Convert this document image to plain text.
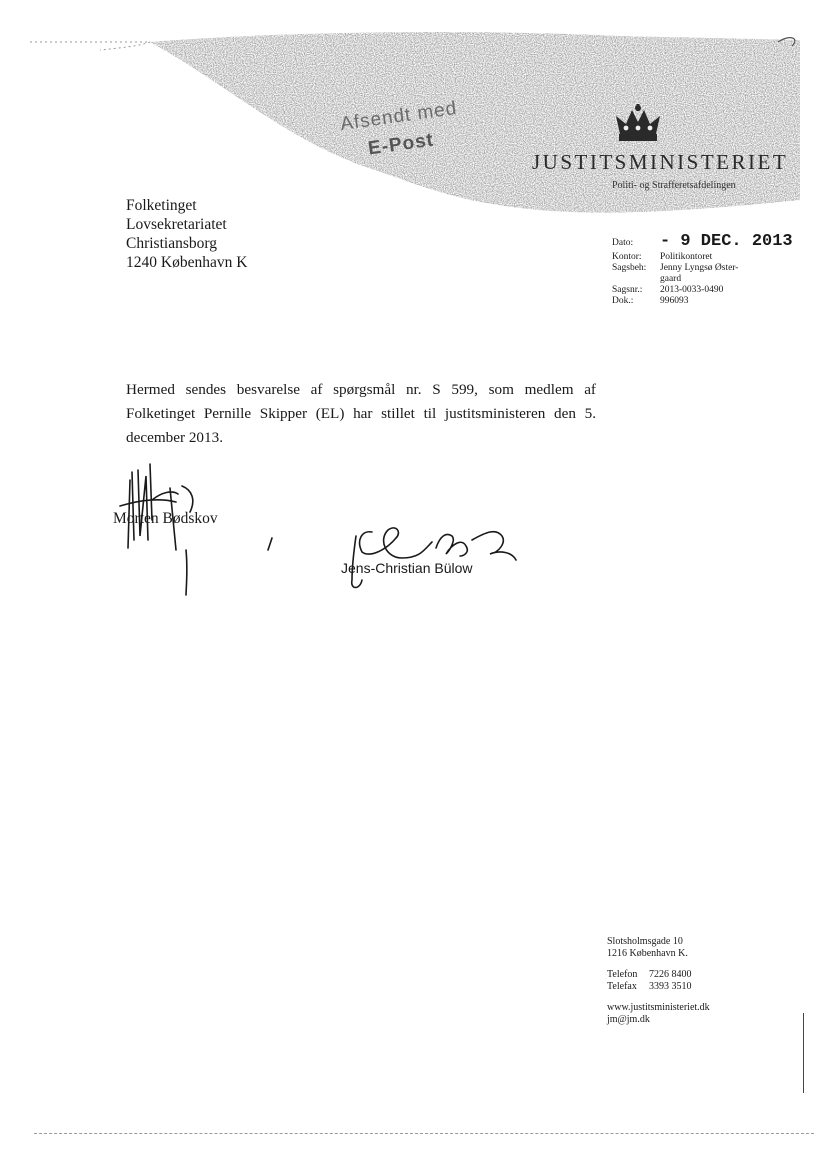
Afsendt med
E-Post
JUSTITSMINISTERIET
Politi- og Strafferetsafdelingen
Folketinget
Lovsekretariatet
Christiansborg
1240 København K
Dato:	- 9 DEC. 2013
Kontor:	Politikontoret
Sagsbeh:	Jenny Lyngsø Øster-
gaard
Sagsnr.:	2013-0033-0490
Dok.:	996093
Hermed sendes besvarelse af spørgsmål nr. S 599, som medlem af Folketinget Pernille Skipper (EL) har stillet til justitsministeren den 5. december 2013.
Morten Bødskov
Jens-Christian Bülow
Slotsholmsgade 10
1216 København K.
Telefon	7226 8400
Telefax	3393 3510
www.justitsministeriet.dk
jm@jm.dk
